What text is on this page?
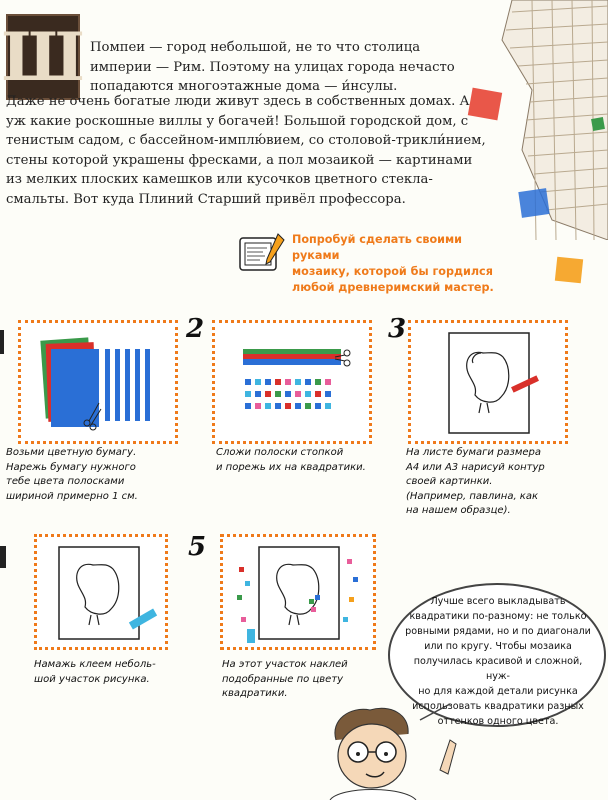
Ш Помпеи — город небольшой, не то что столица империи — Рим. Поэтому на улицах города нечасто попадаются многоэтажные дома — и́нсулы.
Даже не очень богатые люди живут здесь в собственных домах. А уж какие роскошные виллы у богачей! Большой городской дом, с тенистым садом, с бассейном-имплю́вием, со столовой-трикли́нием, стены которой украшены фресками, а пол мозаикой — картинами из мелких плоских камешков или кусочков цветного стекла-смальты. Вот куда Плиний Старший привёл профессора.
Попробуй сделать своими руками
мозаику, которой бы гордился
любой древнеримский мастер.
Возьми цветную бумагу.
Нарежь бумагу нужного
тебе цвета полосками
шириной примерно 1 см.
2
Сложи полоски стопкой
и порежь их на квадратики.
3
На листе бумаги размера
А4 или А3 нарисуй контур
своей картинки.
(Например, павлина, как
на нашем образце).
Намажь клеем неболь-
шой участок рисунка.
5
На этот участок наклей
подобранные по цвету
квадратики.
Лучше всего выкладывать
квадратики по-разному: не только
ровными рядами, но и по диагонали
или по кругу. Чтобы мозаика
получилась красивой и сложной, нуж-
но для каждой детали рисунка
использовать квадратики разных
оттенков одного цвета.
